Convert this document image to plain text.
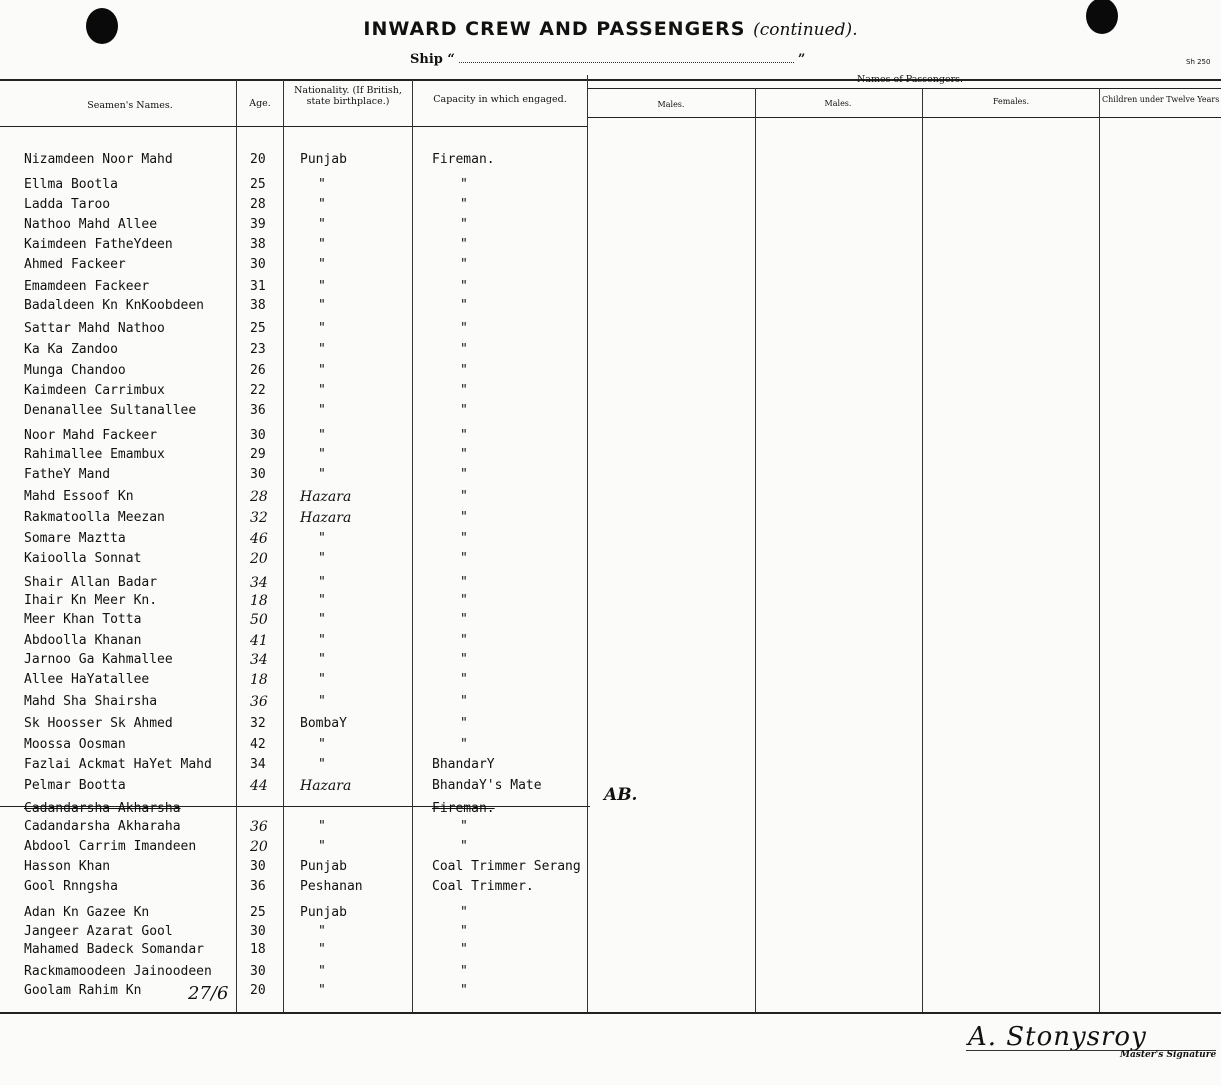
INWARD CREW AND PASSENGERS (continued).
Ship “	”	Sh 250
Seamen's Names.	Age.
Nationality. (If British, state birthplace.)	Capacity in which engaged.
Names of Passengers.
Males.	Males.	Females.	Children under Twelve Years
Nizamdeen Noor Mahd	20	Punjab	Fireman.
Ellma Bootla	25	"	"
Ladda Taroo	28	"	"
Nathoo Mahd Allee	39	"	"
Kaimdeen FatheYdeen	38	"	"
Ahmed Fackeer	30	"	"
Emamdeen Fackeer	31	"	"
Badaldeen Kn KnKoobdeen	38	"	"
Sattar Mahd Nathoo	25	"	"
Ka Ka Zandoo	23	"	"
Munga Chandoo	26	"	"
Kaimdeen Carrimbux	22	"	"
Denanallee Sultanallee	36	"	"
Noor Mahd Fackeer	30	"	"
Rahimallee Emambux	29	"	"
FatheY Mand	30	"	"
Mahd Essoof Kn	28	Hazara	"
Rakmatoolla Meezan	32	Hazara	"
Somare Maztta	46	"	"
Kaioolla Sonnat	20	"	"
Shair Allan Badar	34	"	"
Ihair Kn Meer Kn.	18	"	"
Meer Khan Totta	50	"	"
Abdoolla Khanan	41	"	"
Jarnoo Ga Kahmallee	34	"	"
Allee HaYatallee	18	"	"
Mahd Sha Shairsha	36	"	"
Sk Hoosser Sk Ahmed	32	BombaY	"
Moossa Oosman	42	"	"
Fazlai Ackmat HaYet Mahd	34	"	BhandarY
Pelmar Bootta	44	Hazara	BhandaY's Mate
Cadandarsha Akharsha	Fireman.
Cadandarsha Akharaha	36	"	"
Abdool Carrim Imandeen	20	"	"
Hasson Khan	30	Punjab	Coal Trimmer Serang
Gool Rnngsha	36	Peshanan	Coal Trimmer.
Adan Kn Gazee Kn	25	Punjab	"
Jangeer Azarat Gool	30	"	"
Mahamed Badeck Somandar	18	"	"
Rackmamoodeen Jainoodeen	30	"	"
Goolam Rahim Kn	20	"	"
27/6
AB.
A. Stonysroy
Master's Signature
